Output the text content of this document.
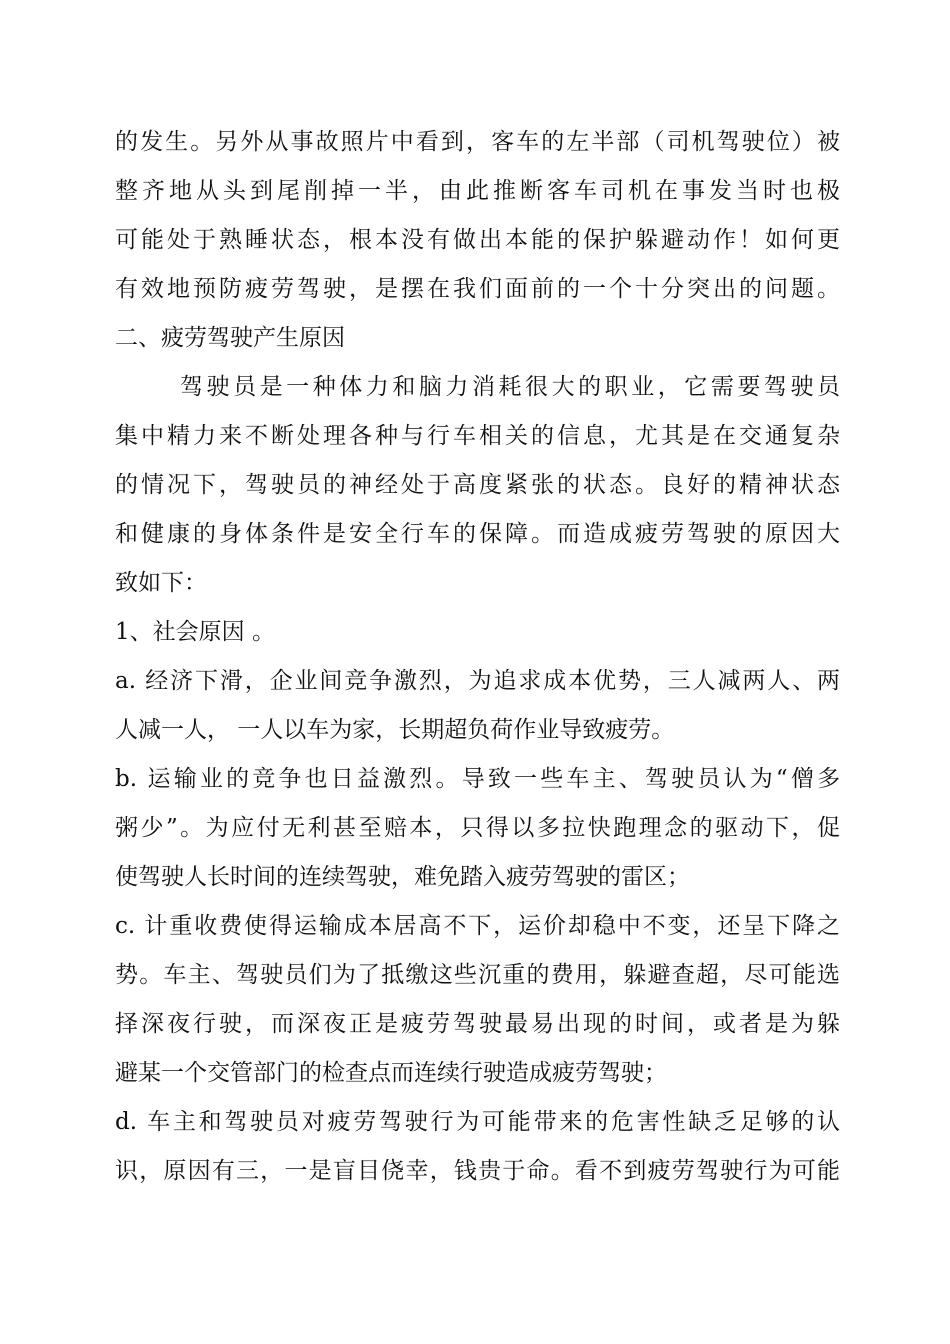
的发生。另外从事故照片中看到，客车的左半部（司机驾驶位）被
整齐地从头到尾削掉一半，由此推断客车司机在事发当时也极
可能处于熟睡状态，根本没有做出本能的保护躲避动作！如何更
有效地预防疲劳驾驶，是摆在我们面前的一个十分突出的问题。
二、疲劳驾驶产生原因
驾驶员是一种体力和脑力消耗很大的职业，它需要驾驶员
集中精力来不断处理各种与行车相关的信息，尤其是在交通复杂
的情况下，驾驶员的神经处于高度紧张的状态。良好的精神状态
和健康的身体条件是安全行车的保障。而造成疲劳驾驶的原因大
致如下：
1、社会原因 。
a. 经济下滑，企业间竞争激烈，为追求成本优势，三人减两人、两
人减一人， 一人以车为家，长期超负荷作业导致疲劳。
b. 运输业的竞争也日益激烈。导致一些车主、驾驶员认为“僧多
粥少”。为应付无利甚至赔本，只得以多拉快跑理念的驱动下，促
使驾驶人长时间的连续驾驶，难免踏入疲劳驾驶的雷区；
c. 计重收费使得运输成本居高不下，运价却稳中不变，还呈下降之
势。车主、驾驶员们为了抵缴这些沉重的费用，躲避查超，尽可能选
择深夜行驶，而深夜正是疲劳驾驶最易出现的时间，或者是为躲
避某一个交管部门的检查点而连续行驶造成疲劳驾驶；
d. 车主和驾驶员对疲劳驾驶行为可能带来的危害性缺乏足够的认
识，原因有三，一是盲目侥幸，钱贵于命。看不到疲劳驾驶行为可能
